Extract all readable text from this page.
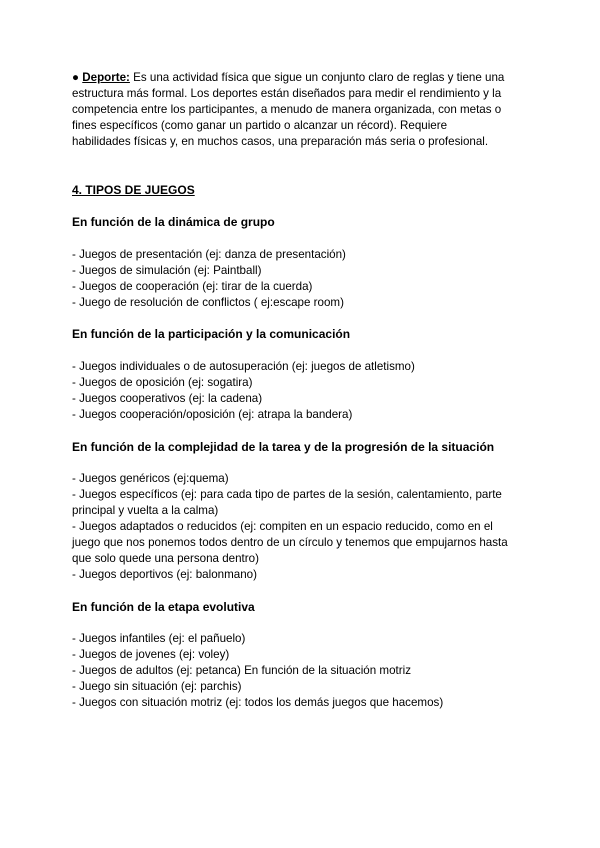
● Deporte: Es una actividad física que sigue un conjunto claro de reglas y tiene una
estructura más formal. Los deportes están diseñados para medir el rendimiento y la
competencia entre los participantes, a menudo de manera organizada, con metas o
fines específicos (como ganar un partido o alcanzar un récord). Requiere
habilidades físicas y, en muchos casos, una preparación más seria o profesional.
4. TIPOS DE JUEGOS
En función de la dinámica de grupo
- Juegos de presentación (ej: danza de presentación)
- Juegos de simulación (ej: Paintball)
- Juegos de cooperación (ej: tirar de la cuerda)
- Juego de resolución de conflictos ( ej:escape room)
En función de la participación y la comunicación
- Juegos individuales o de autosuperación (ej: juegos de atletismo)
- Juegos de oposición (ej: sogatira)
- Juegos cooperativos (ej: la cadena)
- Juegos cooperación/oposición (ej: atrapa la bandera)
En función de la complejidad de la tarea y de la progresión de la situación
- Juegos genéricos (ej:quema)
- Juegos específicos (ej: para cada tipo de partes de la sesión, calentamiento, parte
principal y vuelta a la calma)
- Juegos adaptados o reducidos (ej: compiten en un espacio reducido, como en el
juego que nos ponemos todos dentro de un círculo y tenemos que empujarnos hasta
que solo quede una persona dentro)
- Juegos deportivos (ej: balonmano)
En función de la etapa evolutiva
- Juegos infantiles (ej: el pañuelo)
- Juegos de jovenes (ej: voley)
- Juegos de adultos (ej: petanca) En función de la situación motriz
- Juego sin situación (ej: parchis)
- Juegos con situación motriz (ej: todos los demás juegos que hacemos)
